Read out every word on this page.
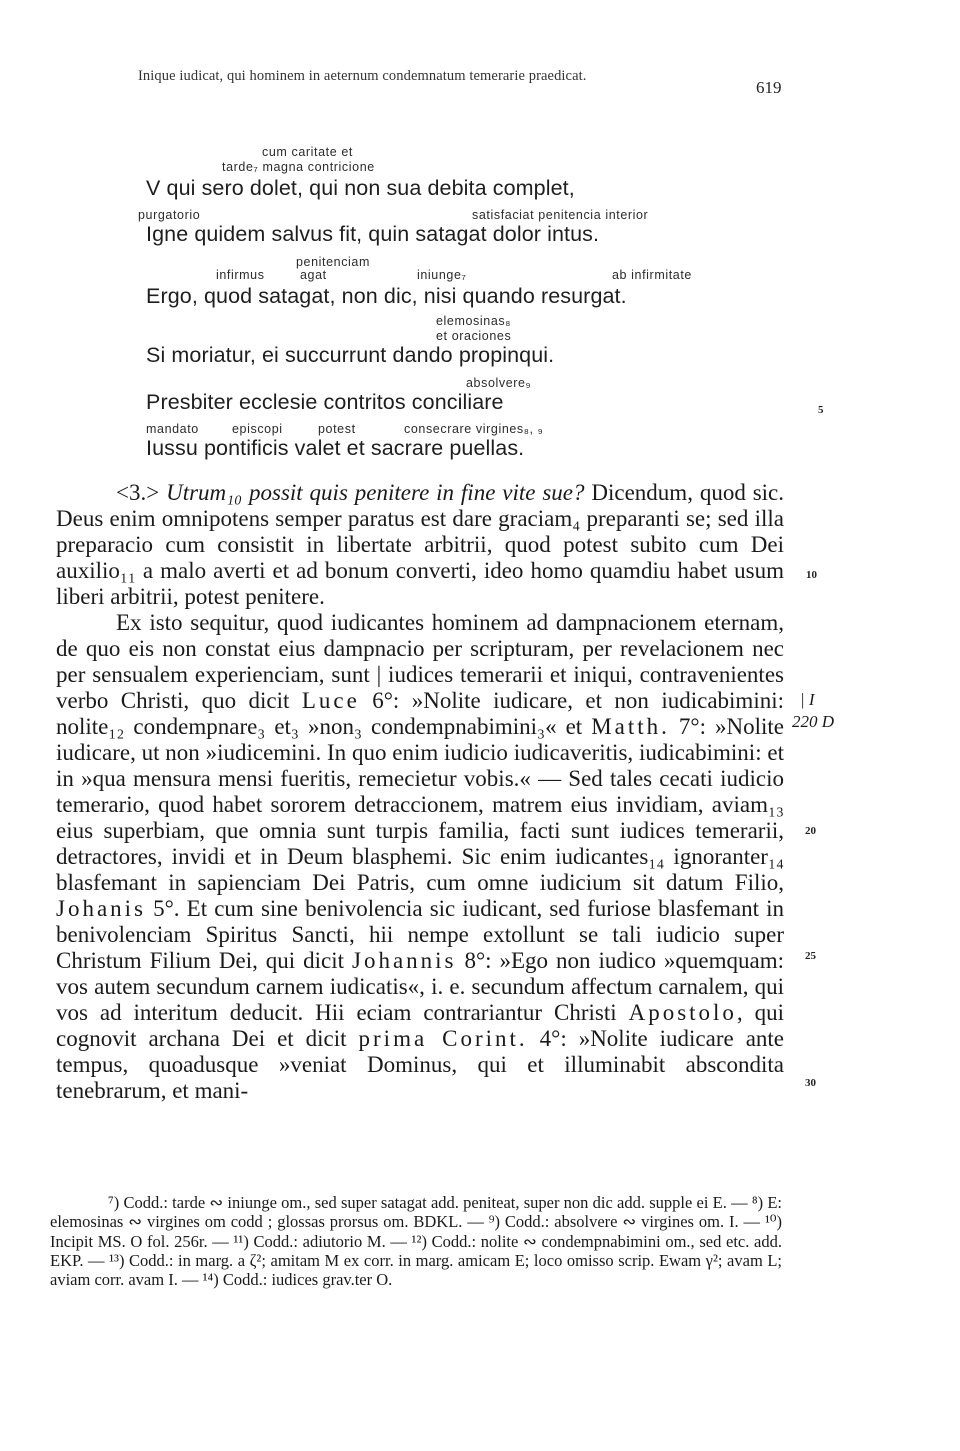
Inique iudicat, qui hominem in aeternum condemnatum temerarie praedicat.
619
cum caritate et
tarde₇ magna contricione
V qui sero dolet, qui non sua debita complet,
purgatorio	satisfaciat penitencia interior
Igne quidem salvus fit, quin satagat dolor intus.
penitenciam
infirmus	agat	iniunge₇	ab infirmitate
Ergo, quod satagat, non dic, nisi quando resurgat.
elemosinas₈
et oraciones
Si moriatur, ei succurrunt dando propinqui.
absolvere₉
Presbiter ecclesie contritos conciliare	5
mandato	episcopi	potest	consecrare virgines₈, ₉
Iussu pontificis valet et sacrare puellas.

<3.> Utrum₁₀ possit quis penitere in fine vite sue? Dicendum, quod sic. Deus enim omnipotens semper paratus est dare graciam₄ preparanti se; sed illa preparacio cum consistit in libertate arbitrii, quod potest subito cum Dei auxilio₁₁ a malo averti et ad bonum converti, ideo homo quamdiu habet usum liberi arbitrii, potest penitere.

Ex isto sequitur, quod iudicantes hominem ad dampnacionem eternam, de quo eis non constat eius dampnacio per scripturam, per revelacionem nec per sensualem experienciam, sunt | iudices temerarii et iniqui, contravenientes verbo Christi, quo dicit Luce 6°: »Nolite iudicare, et non iudicabimini: nolite₁₂ condempnare₃ et₃ »non₃ condempnabimini₃« et Matth. 7°: »Nolite iudicare, ut non »iudicemini. In quo enim iudicio iudicaveritis, iudicabimini: et in »qua mensura mensi fueritis, remecietur vobis.« — Sed tales cecati iudicio temerario, quod habet sororem detraccionem, matrem eius invidiam, aviam₁₃ eius superbiam, que omnia sunt turpis familia, facti sunt iudices temerarii, detractores, invidi et in Deum blasphemi. Sic enim iudicantes₁₄ ignoranter₁₄ blasfemant in sapienciam Dei Patris, cum omne iudicium sit datum Filio, Johanis 5°. Et cum sine benivolencia sic iudicant, sed furiose blasfemant in benivolenciam Spiritus Sancti, hii nempe extollunt se tali iudicio super Christum Filium Dei, qui dicit Johannis 8°: »Ego non iudico »quemquam: vos autem secundum carnem iudicatis«, i. e. secundum affectum carnalem, qui vos ad interitum deducit. Hii eciam contrariantur Christi Apostolo, qui cognovit archana Dei et dicit prima Corint. 4°: »Nolite iudicare ante tempus, quoadusque »veniat Dominus, qui et illuminabit abscondita tenebrarum, et mani-

10
| I
220 D
20
25
30

⁷) Codd.: tarde ∾ iniunge om., sed super satagat add. peniteat, super non dic add. supple ei E. — ⁸) E: elemosinas ∾ virgines om codd ; glossas prorsus om. BDKL. — ⁹) Codd.: absolvere ∾ virgines om. I. — ¹⁰) Incipit MS. O fol. 256r. — ¹¹) Codd.: adiutorio M. — ¹²) Codd.: nolite ∾ condempnabimini om., sed etc. add. EKP. — ¹³) Codd.: in marg. a ζ²; amitam M ex corr. in marg. amicam E; loco omisso scrip. Ewam γ²; avam L; aviam corr. avam I. — ¹⁴) Codd.: iudices grav.ter O.
